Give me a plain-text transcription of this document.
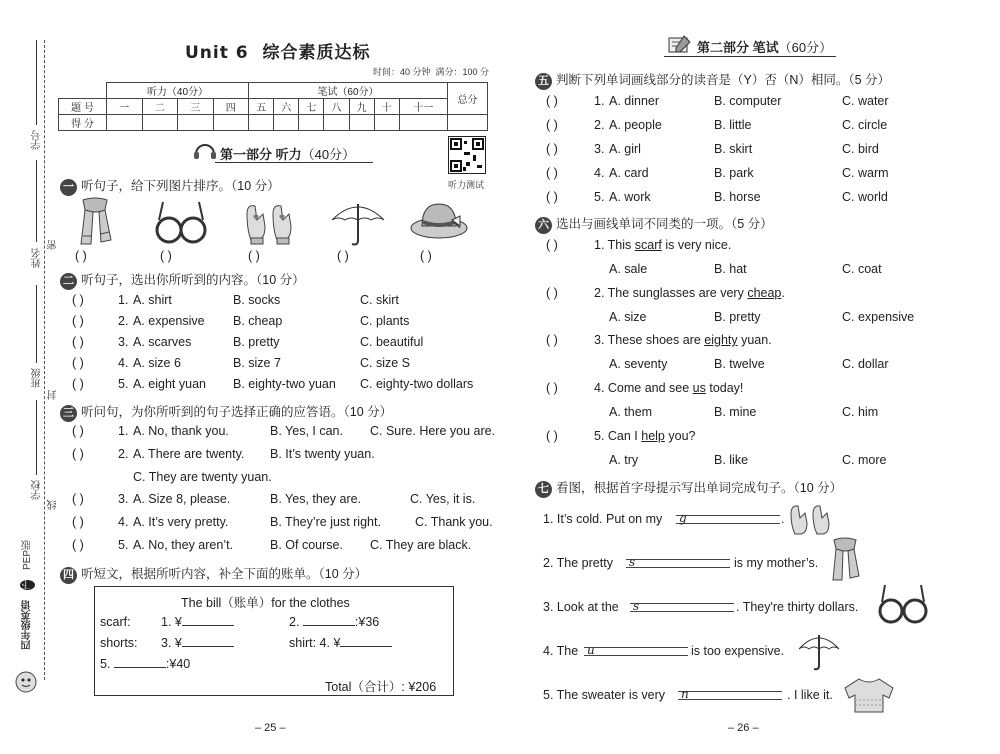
学号
姓名
班级
学校
密
封
线
四年级英语
下
PEP版
Unit 6 综合素质达标
时间：40 分钟 满分：100 分
	听力（40分）				笔试（60分）							总分
题 号	一	二	三	四	五	六	七	八	九	十	十一	
得 分												
第一部分 听力（40分）
听力测试
一 听句子，给下列图片排序。（10 分）
( )	( )	( )	( )	( )
二 听句子，选出你所听到的内容。（10 分）
( )	1. A. shirt	B. socks	C. skirt
( )	2. A. expensive B. cheap	C. plants
( )	3. A. scarves	B. pretty	C. beautiful
( )	4. A. size 6	B. size 7	C. size S
( )	5. A. eight yuan B. eighty-two yuan C. eighty-two dollars
三 听问句，为你所听到的句子选择正确的应答语。（10 分）
( )	1. A. No, thank you.	B. Yes, I can. C. Sure. Here you are.
( )	2. A. There are twenty. B. It’s twenty yuan.
C. They are twenty yuan.
( )	3. A. Size 8, please.	B. Yes, they are.	C. Yes, it is.
( )	4. A. It’s very pretty.	B. They’re just right.	C. Thank you.
( )	5. A. No, they aren’t.	B. Of course. C. They are black.
四 听短文，根据所听内容，补全下面的账单。（10 分）
The bill（账单）for the clothes
scarf: 1. ¥	2.	:¥36
shorts: 3. ¥	shirt: 4. ¥
5.	:¥40
Total（合计）: ¥206
– 25 –
第二部分 笔试（60分）
五 判断下列单词画线部分的读音是（Y）否（N）相同。（5 分）
( )	1. A. dinner	B. computer	C. water
( )	2. A. people	B. little	C. circle
( )	3. A. girl	B. skirt	C. bird
( )	4. A. card	B. park	C. warm
( )	5. A. work	B. horse	C. world
六 选出与画线单词不同类的一项。（5 分）
( )	1. This scarf is very nice.
A. sale	B. hat	C. coat
( )	2. The sunglasses are very cheap.
A. size	B. pretty	C. expensive
( )	3. These shoes are eighty yuan.
A. seventy	B. twelve	C. dollar
( )	4. Come and see us today!
A. them	B. mine	C. him
( )	5. Can I help you?
A. try	B. like	C. more
七 看图，根据首字母提示写出单词完成句子。（10 分）
1. It’s cold. Put on my g	.
2. The pretty s	is my mother’s.
3. Look at the s	. They're thirty dollars.
4. The u	is too expensive.
5. The sweater is very n	. I like it.
– 26 –
